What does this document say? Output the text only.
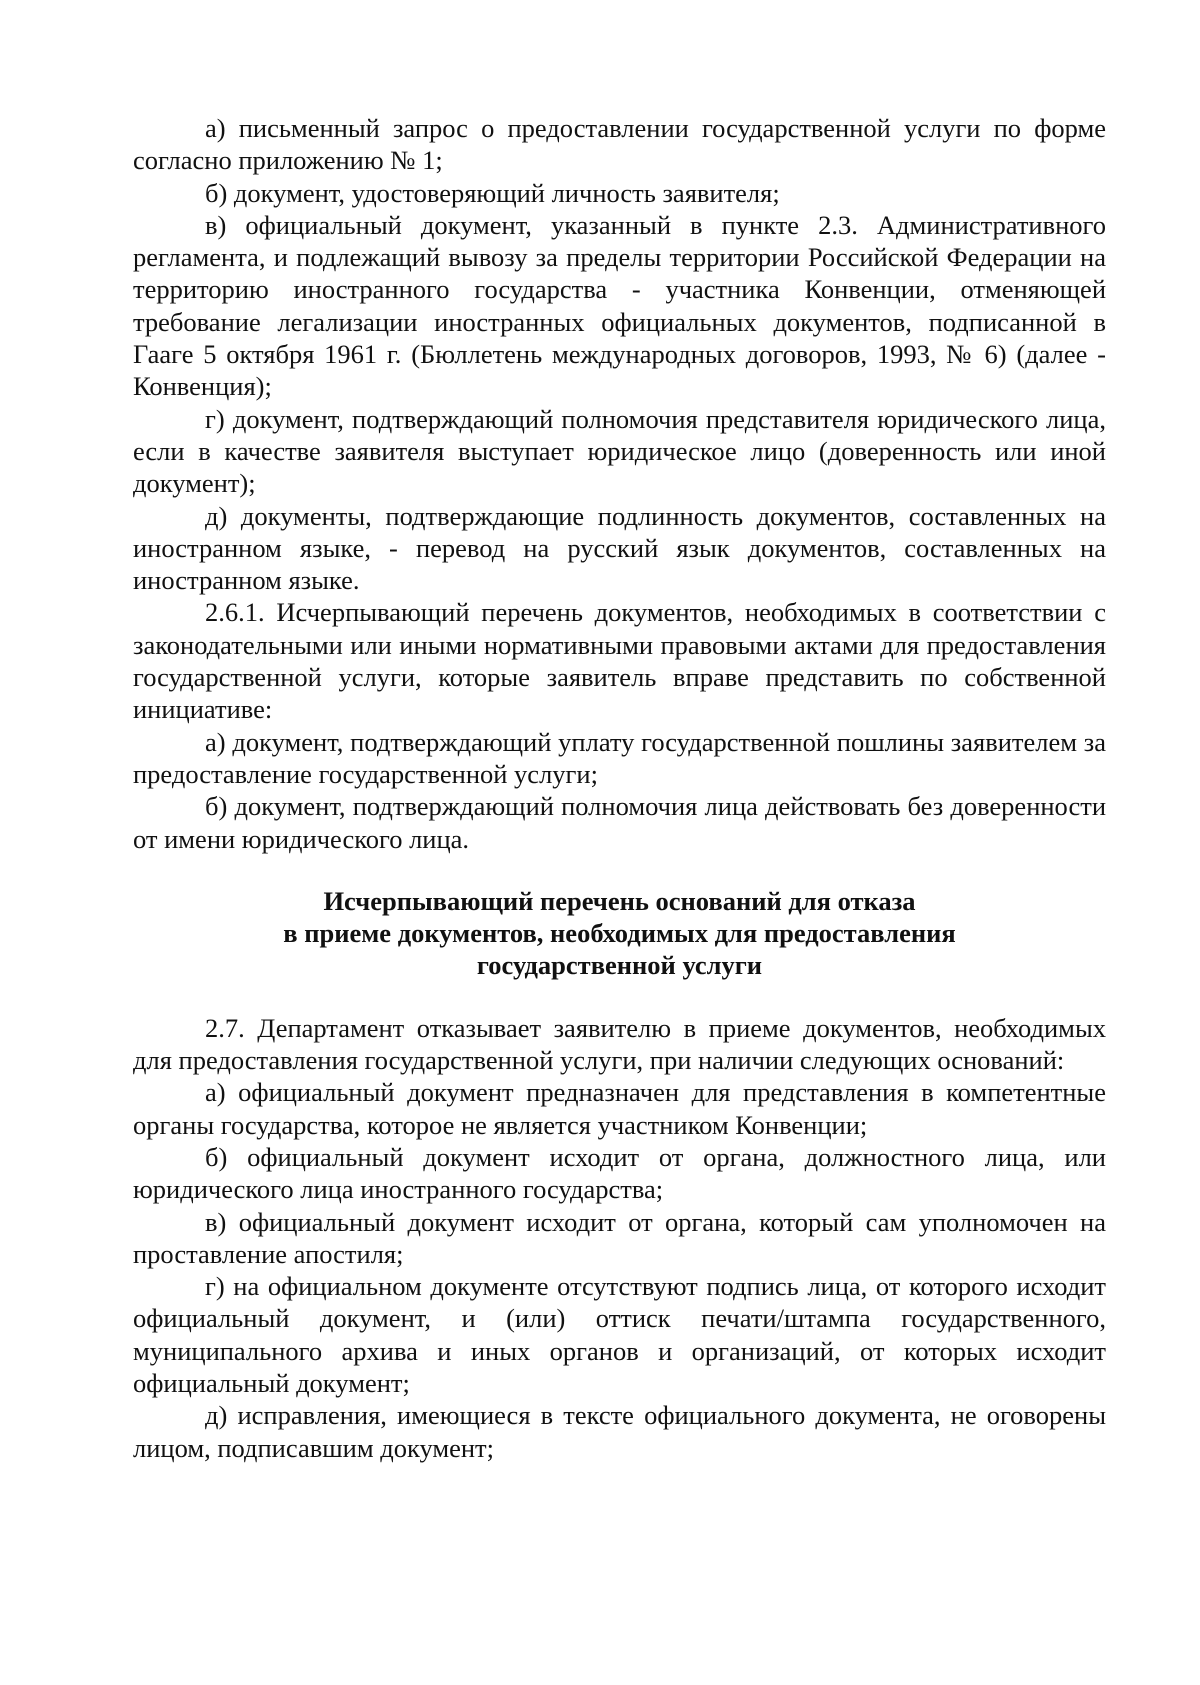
а) письменный запрос о предоставлении государственной услуги по форме согласно приложению № 1;

б) документ, удостоверяющий личность заявителя;

в) официальный документ, указанный в пункте 2.3. Административного регламента, и подлежащий вывозу за пределы территории Российской Федерации на территорию иностранного государства - участника Конвенции, отменяющей требование легализации иностранных официальных документов, подписанной в Гааге 5 октября 1961 г. (Бюллетень международных договоров, 1993, № 6) (далее - Конвенция);

г) документ, подтверждающий полномочия представителя юридического лица, если в качестве заявителя выступает юридическое лицо (доверенность или иной документ);

д) документы, подтверждающие подлинность документов, составленных на иностранном языке, - перевод на русский язык документов, составленных на иностранном языке.

2.6.1. Исчерпывающий перечень документов, необходимых в соответствии с законодательными или иными нормативными правовыми актами для предоставления государственной услуги, которые заявитель вправе представить по собственной инициативе:

а) документ, подтверждающий уплату государственной пошлины заявителем за предоставление государственной услуги;

б) документ, подтверждающий полномочия лица действовать без доверенности от имени юридического лица.

Исчерпывающий перечень оснований для отказа
в приеме документов, необходимых для предоставления
государственной услуги

2.7. Департамент отказывает заявителю в приеме документов, необходимых для предоставления государственной услуги, при наличии следующих оснований:

а) официальный документ предназначен для представления в компетентные органы государства, которое не является участником Конвенции;

б) официальный документ исходит от органа, должностного лица, или юридического лица иностранного государства;

в) официальный документ исходит от органа, который сам уполномочен на проставление апостиля;

г) на официальном документе отсутствуют подпись лица, от которого исходит официальный документ, и (или) оттиск печати/штампа государственного, муниципального архива и иных органов и организаций, от которых исходит официальный документ;

д) исправления, имеющиеся в тексте официального документа, не оговорены лицом, подписавшим документ;
